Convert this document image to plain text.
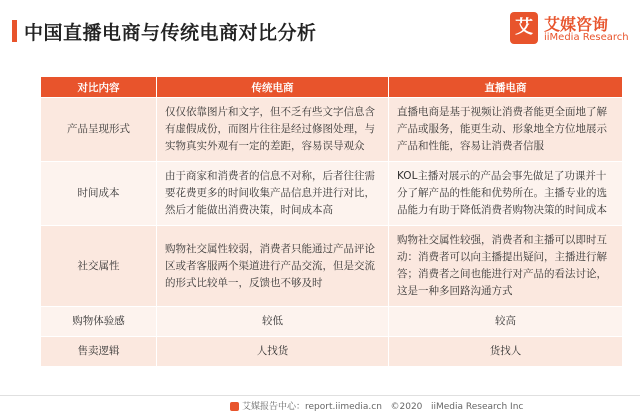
中国直播电商与传统电商对比分析	艾 艾媒咨询
iiMedia Research
对比内容	传统电商	直播电商
产品呈现形式	仅仅依靠图片和文字，但不乏有些文字信息含有虚假成份，而图片往往是经过修图处理，与实物真实外观有一定的差距，容易误导观众	直播电商是基于视频让消费者能更全面地了解产品或服务，能更生动、形象地全方位地展示产品和性能，容易让消费者信服
时间成本	由于商家和消费者的信息不对称，后者往往需要花费更多的时间收集产品信息并进行对比，然后才能做出消费决策，时间成本高	KOL主播对展示的产品会事先做足了功课并十分了解产品的性能和优势所在。主播专业的选品能力有助于降低消费者购物决策的时间成本
社交属性	购物社交属性较弱，消费者只能通过产品评论区或者客服两个渠道进行产品交流，但是交流的形式比较单一，反馈也不够及时	购物社交属性较强，消费者和主播可以即时互动：消费者可以向主播提出疑问，主播进行解答；消费者之间也能进行对产品的看法讨论，这是一种多回路沟通方式
购物体验感	较低	较高
售卖逻辑	人找货	货找人
艾媒报告中心：report.iimedia.cn ©2020 iiMedia Research Inc
